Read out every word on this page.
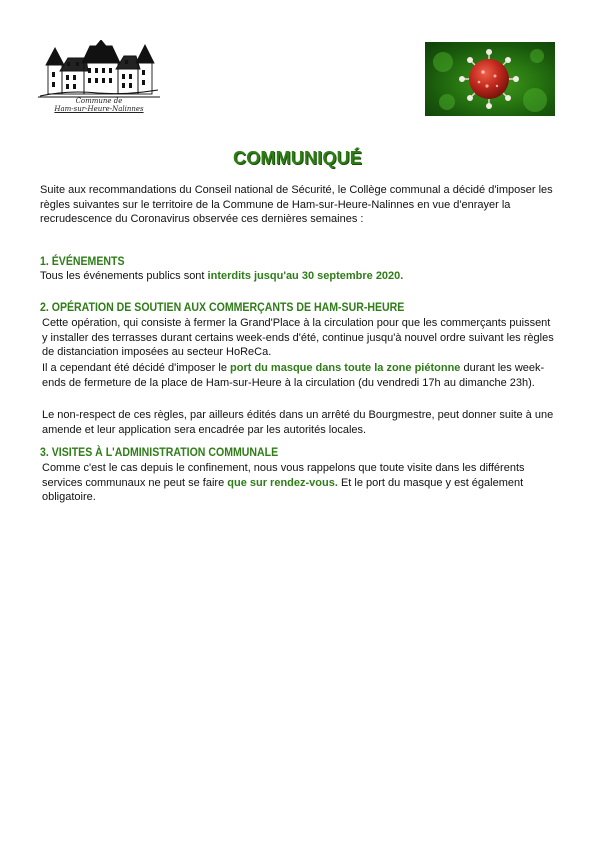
Commune de
Ham-sur-Heure-Nalinnes
COMMUNIQUÉ
Suite aux recommandations du Conseil national de Sécurité, le Collège communal a décidé d'imposer les règles suivantes sur le territoire de la Commune de Ham-sur-Heure-Nalinnes en vue d'enrayer la recrudescence du Coronavirus observée ces dernières semaines :
1. ÉVÉNEMENTS
Tous les événements publics sont interdits jusqu'au 30 septembre 2020.
2. OPÉRATION DE SOUTIEN AUX COMMERÇANTS DE HAM-SUR-HEURE
Cette opération, qui consiste à fermer la Grand'Place à la circulation pour que les commerçants puissent y installer des terrasses durant certains week-ends d'été, continue jusqu'à nouvel ordre suivant les règles de distanciation imposées au secteur HoReCa.
Il a cependant été décidé d'imposer le port du masque dans toute la zone piétonne durant les week-ends de fermeture de la place de Ham-sur-Heure à la circulation (du vendredi 17h au dimanche 23h).
Le non-respect de ces règles, par ailleurs édités dans un arrêté du Bourgmestre, peut donner suite à une amende et leur application sera encadrée par les autorités locales.
3. VISITES À L'ADMINISTRATION COMMUNALE
Comme c'est le cas depuis le confinement, nous vous rappelons que toute visite dans les différents services communaux ne peut se faire que sur rendez-vous. Et le port du masque y est également obligatoire.
